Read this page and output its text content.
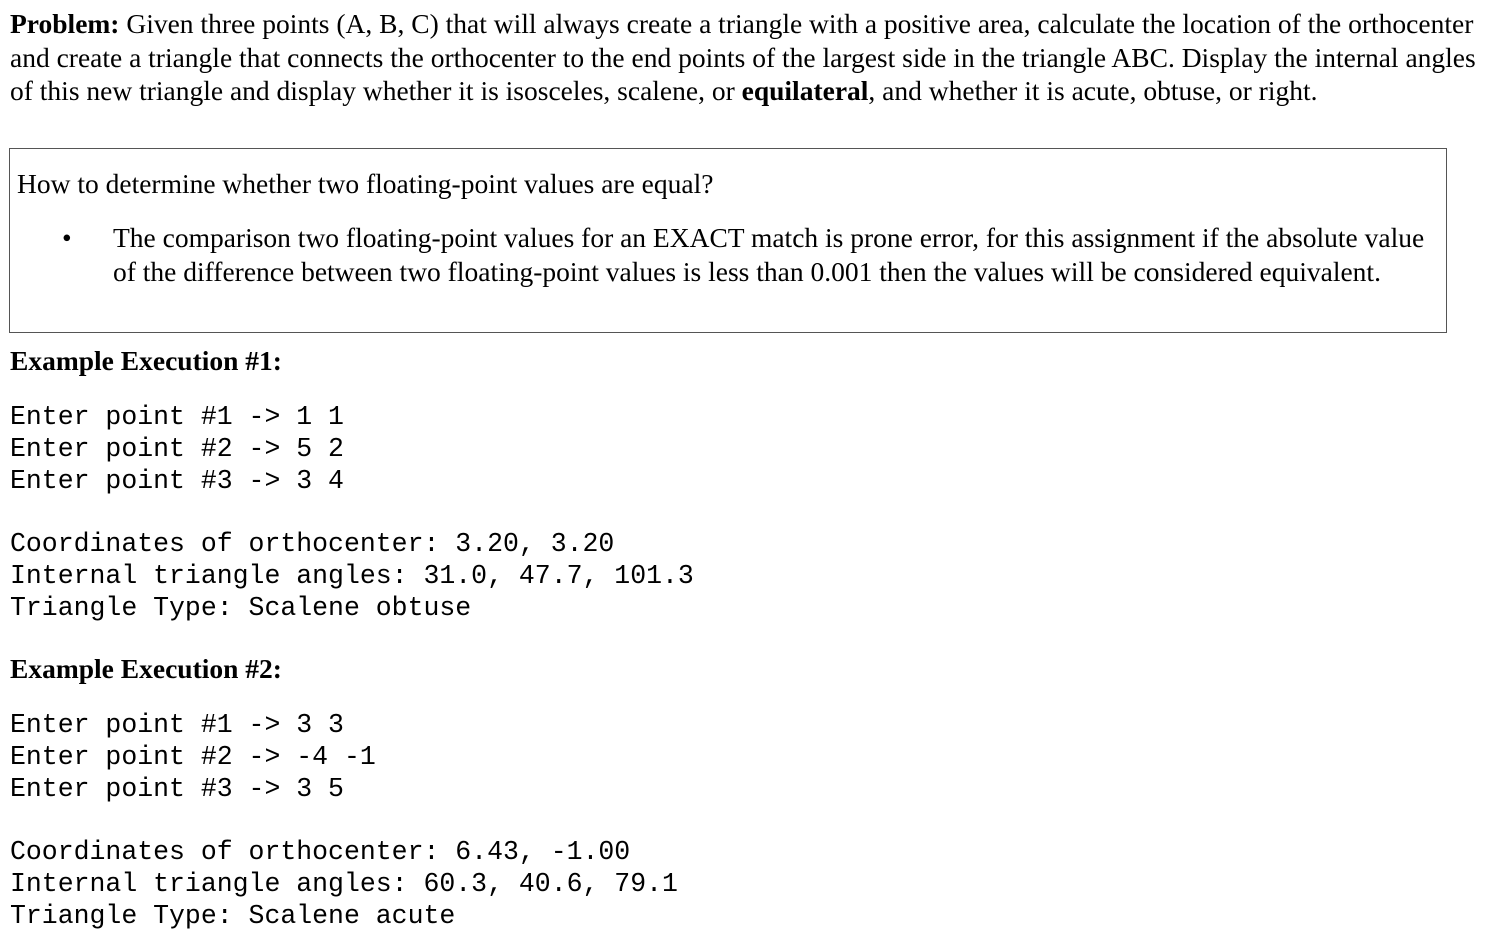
Problem: Given three points (A, B, C) that will always create a triangle with a positive area, calculate the location of the orthocenter and create a triangle that connects the orthocenter to the end points of the largest side in the triangle ABC. Display the internal angles of this new triangle and display whether it is isosceles, scalene, or equilateral, and whether it is acute, obtuse, or right.
How to determine whether two floating-point values are equal?
• The comparison two floating-point values for an EXACT match is prone error, for this assignment if the absolute value of the difference between two floating-point values is less than 0.001 then the values will be considered equivalent.
Example Execution #1:
Enter point #1 -> 1 1
Enter point #2 -> 5 2
Enter point #3 -> 3 4
Coordinates of orthocenter: 3.20, 3.20
Internal triangle angles: 31.0, 47.7, 101.3
Triangle Type: Scalene obtuse
Example Execution #2:
Enter point #1 -> 3 3
Enter point #2 -> -4 -1
Enter point #3 -> 3 5
Coordinates of orthocenter: 6.43, -1.00
Internal triangle angles: 60.3, 40.6, 79.1
Triangle Type: Scalene acute
